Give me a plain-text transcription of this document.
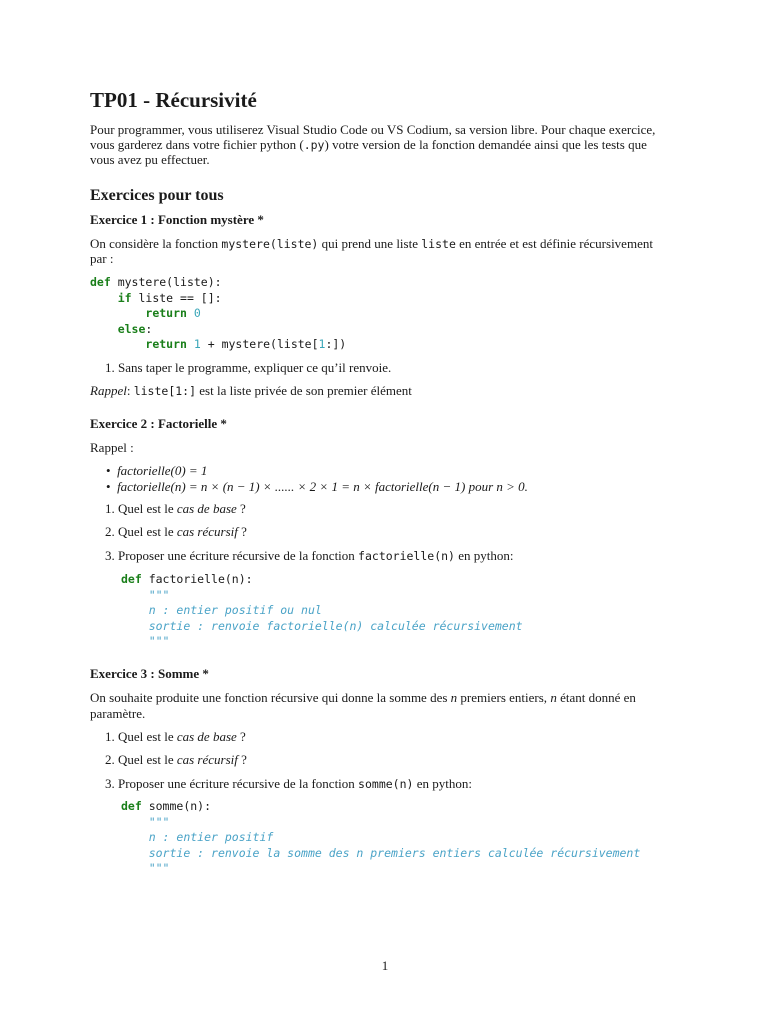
TP01 - Récursivité
Pour programmer, vous utiliserez Visual Studio Code ou VS Codium, sa version libre. Pour chaque exercice,
vous garderez dans votre fichier python (.py) votre version de la fonction demandée ainsi que les tests que
vous avez pu effectuer.
Exercices pour tous
Exercice 1 : Fonction mystère *
On considère la fonction mystere(liste) qui prend une liste liste en entrée et est définie récursivement
par :
def mystere(liste):
if liste == []:
return 0
else:
return 1 + mystere(liste[1:])
1. Sans taper le programme, expliquer ce qu’il renvoie.
Rappel: liste[1:] est la liste privée de son premier élément
Exercice 2 : Factorielle *
Rappel :
• factorielle(0) = 1
• factorielle(n) = n × (n − 1) × ...... × 2 × 1 = n × factorielle(n − 1) pour n > 0.
1. Quel est le cas de base ?
2. Quel est le cas récursif ?
3. Proposer une écriture récursive de la fonction factorielle(n) en python:
def factorielle(n):
"""
n : entier positif ou nul
sortie : renvoie factorielle(n) calculée récursivement
"""
Exercice 3 : Somme *
On souhaite produite une fonction récursive qui donne la somme des n premiers entiers, n étant donné en
paramètre.
1. Quel est le cas de base ?
2. Quel est le cas récursif ?
3. Proposer une écriture récursive de la fonction somme(n) en python:
def somme(n):
"""
n : entier positif
sortie : renvoie la somme des n premiers entiers calculée récursivement
"""
1
